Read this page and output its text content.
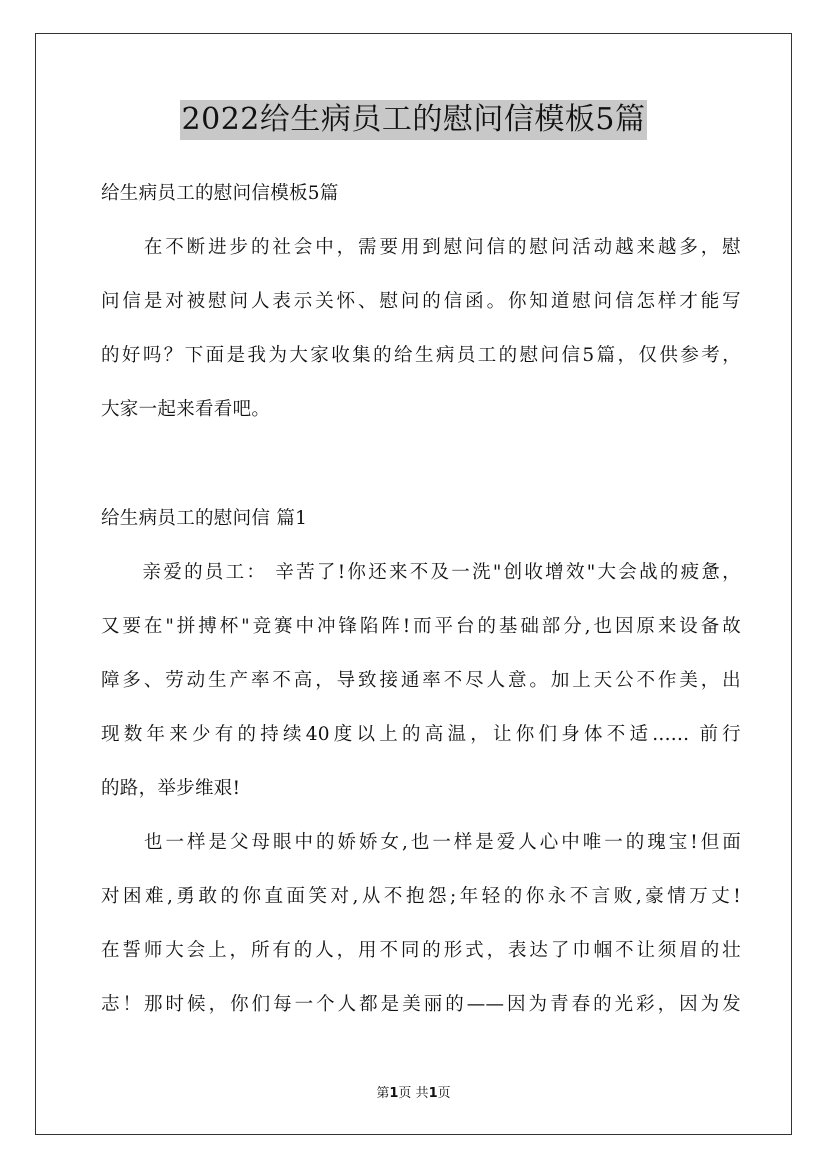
2022给生病员工的慰问信模板5篇
给生病员工的慰问信模板5篇
　　在不断进步的社会中，需要用到慰问信的慰问活动越来越多，慰
问信是对被慰问人表示关怀、慰问的信函。你知道慰问信怎样才能写
的好吗？下面是我为大家收集的给生病员工的慰问信5篇，仅供参考，
大家一起来看看吧。
给生病员工的慰问信 篇1
　　亲爱的员工： 辛苦了!你还来不及一洗"创收增效"大会战的疲惫，
又要在"拼搏杯"竞赛中冲锋陷阵!而平台的基础部分,也因原来设备故
障多、劳动生产率不高，导致接通率不尽人意。加上天公不作美，出
现数年来少有的持续40度以上的高温，让你们身体不适...... 前行
的路，举步维艰!
　　也一样是父母眼中的娇娇女,也一样是爱人心中唯一的瑰宝!但面
对困难,勇敢的你直面笑对,从不抱怨;年轻的你永不言败,豪情万丈!
在誓师大会上，所有的人，用不同的形式，表达了巾帼不让须眉的壮
志！那时候，你们每一个人都是美丽的——因为青春的光彩，因为发
第1页 共1页
